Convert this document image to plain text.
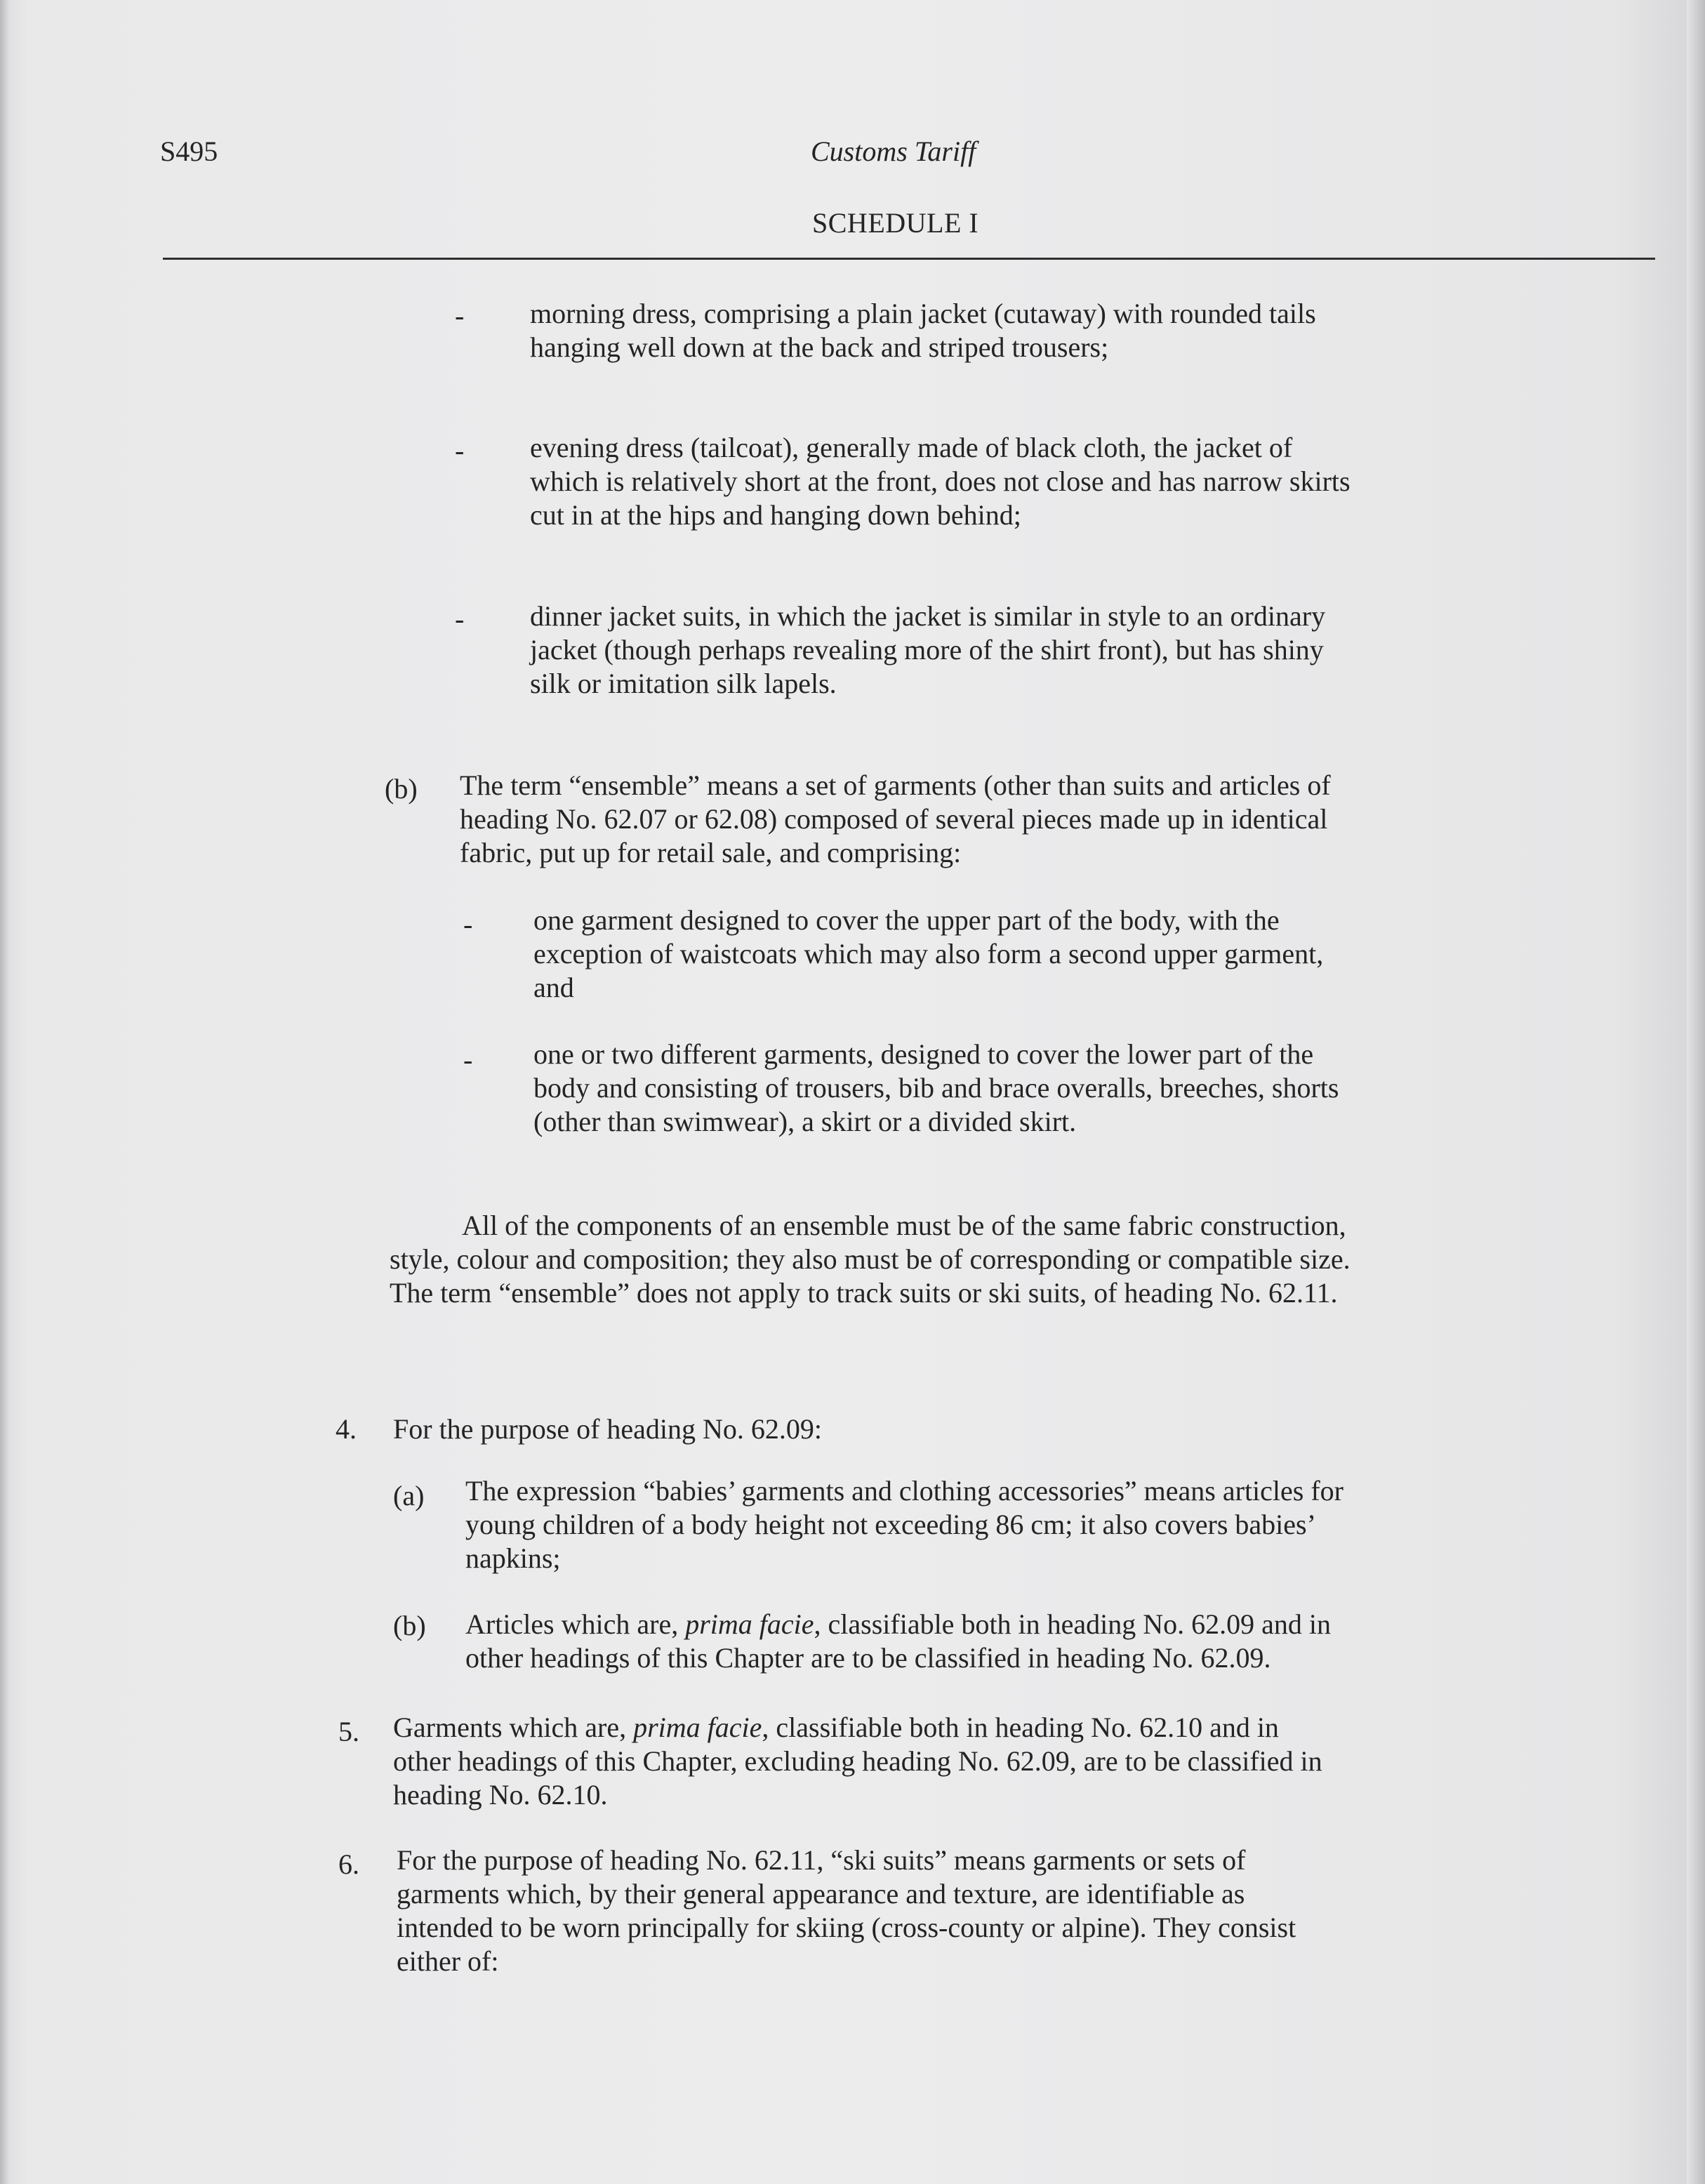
S495	Customs Tariff
SCHEDULE I
- morning dress, comprising a plain jacket (cutaway) with rounded tails
hanging well down at the back and striped trousers;
- evening dress (tailcoat), generally made of black cloth, the jacket of
which is relatively short at the front, does not close and has narrow skirts
cut in at the hips and hanging down behind;
- dinner jacket suits, in which the jacket is similar in style to an ordinary
jacket (though perhaps revealing more of the shirt front), but has shiny
silk or imitation silk lapels.
(b) The term “ensemble” means a set of garments (other than suits and articles of
heading No. 62.07 or 62.08) composed of several pieces made up in identical
fabric, put up for retail sale, and comprising:
- one garment designed to cover the upper part of the body, with the
exception of waistcoats which may also form a second upper garment,
and
- one or two different garments, designed to cover the lower part of the
body and consisting of trousers, bib and brace overalls, breeches, shorts
(other than swimwear), a skirt or a divided skirt.
All of the components of an ensemble must be of the same fabric construction,
style, colour and composition; they also must be of corresponding or compatible size.
The term “ensemble” does not apply to track suits or ski suits, of heading No. 62.11.
4. For the purpose of heading No. 62.09:
(a) The expression “babies’ garments and clothing accessories” means articles for
young children of a body height not exceeding 86 cm; it also covers babies’
napkins;
(b) Articles which are, prima facie, classifiable both in heading No. 62.09 and in
other headings of this Chapter are to be classified in heading No. 62.09.
5. Garments which are, prima facie, classifiable both in heading No. 62.10 and in
other headings of this Chapter, excluding heading No. 62.09, are to be classified in
heading No. 62.10.
6. For the purpose of heading No. 62.11, “ski suits” means garments or sets of
garments which, by their general appearance and texture, are identifiable as
intended to be worn principally for skiing (cross-county or alpine). They consist
either of:
